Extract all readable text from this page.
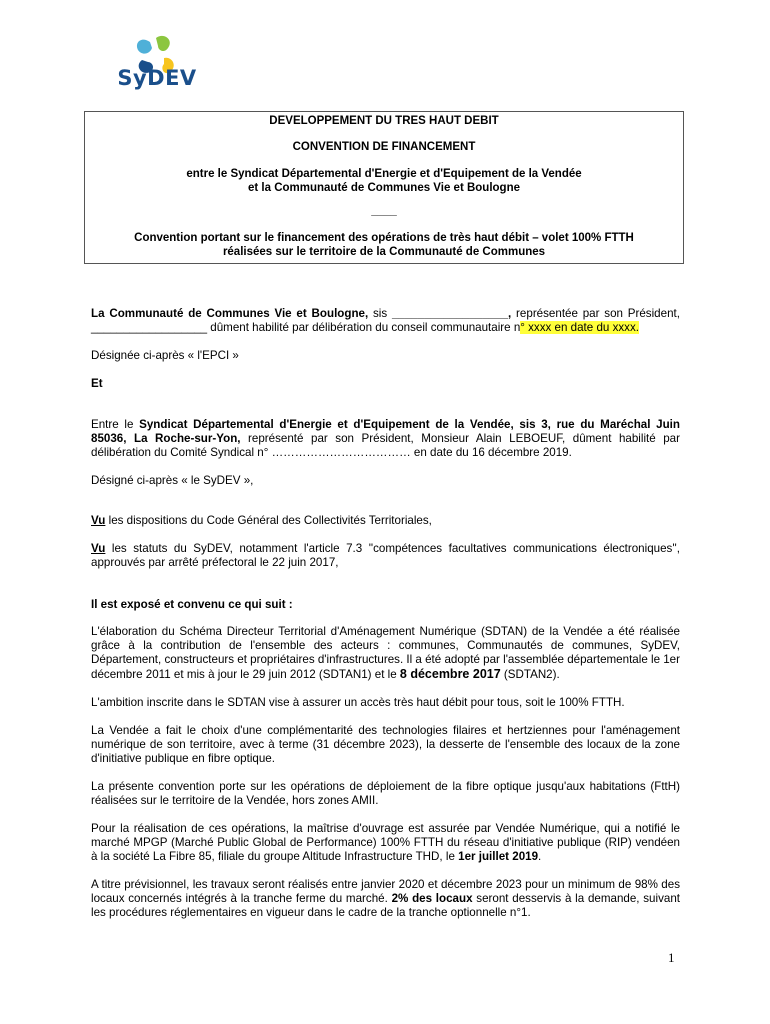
SyDEV

DEVELOPPEMENT DU TRES HAUT DEBIT

CONVENTION DE FINANCEMENT

entre le Syndicat Départemental d'Energie et d'Equipement de la Vendée

et la Communauté de Communes Vie et Boulogne

____

Convention portant sur le financement des opérations de très haut débit – volet 100% FTTH

réalisées sur le territoire de la Communauté de Communes

La Communauté de Communes Vie et Boulogne, sis __________________, représentée par son Président, __________________ dûment habilité par délibération du conseil communautaire n° xxxx en date du xxxx.

Désignée ci-après « l'EPCI »

Et

Entre le Syndicat Départemental d'Energie et d'Equipement de la Vendée, sis 3, rue du Maréchal Juin 85036, La Roche-sur-Yon, représenté par son Président, Monsieur Alain LEBOEUF, dûment habilité par délibération du Comité Syndical n° ……………………………… en date du 16 décembre 2019.

Désigné ci-après « le SyDEV »,

Vu les dispositions du Code Général des Collectivités Territoriales,

Vu les statuts du SyDEV, notamment l'article 7.3 ''compétences facultatives communications électroniques'', approuvés par arrêté préfectoral le 22 juin 2017,

Il est exposé et convenu ce qui suit :

L'élaboration du Schéma Directeur Territorial d'Aménagement Numérique (SDTAN) de la Vendée a été réalisée grâce à la contribution de l'ensemble des acteurs : communes, Communautés de communes, SyDEV, Département, constructeurs et propriétaires d'infrastructures. Il a été adopté par l'assemblée départementale le 1er décembre 2011 et mis à jour le 29 juin 2012 (SDTAN1) et le 8 décembre 2017 (SDTAN2).

L'ambition inscrite dans le SDTAN vise à assurer un accès très haut débit pour tous, soit le 100% FTTH.

La Vendée a fait le choix d'une complémentarité des technologies filaires et hertziennes pour l'aménagement numérique de son territoire, avec à terme (31 décembre 2023), la desserte de l'ensemble des locaux de la zone d'initiative publique en fibre optique.

La présente convention porte sur les opérations de déploiement de la fibre optique jusqu'aux habitations (FttH) réalisées sur le territoire de la Vendée, hors zones AMII.

Pour la réalisation de ces opérations, la maîtrise d'ouvrage est assurée par Vendée Numérique, qui a notifié le marché MPGP (Marché Public Global de Performance) 100% FTTH du réseau d'initiative publique (RIP) vendéen à la société La Fibre 85, filiale du groupe Altitude Infrastructure THD, le 1er juillet 2019.

A titre prévisionnel, les travaux seront réalisés entre janvier 2020 et décembre 2023 pour un minimum de 98% des locaux concernés intégrés à la tranche ferme du marché. 2% des locaux seront desservis à la demande, suivant les procédures réglementaires en vigueur dans le cadre de la tranche optionnelle n°1.

1
